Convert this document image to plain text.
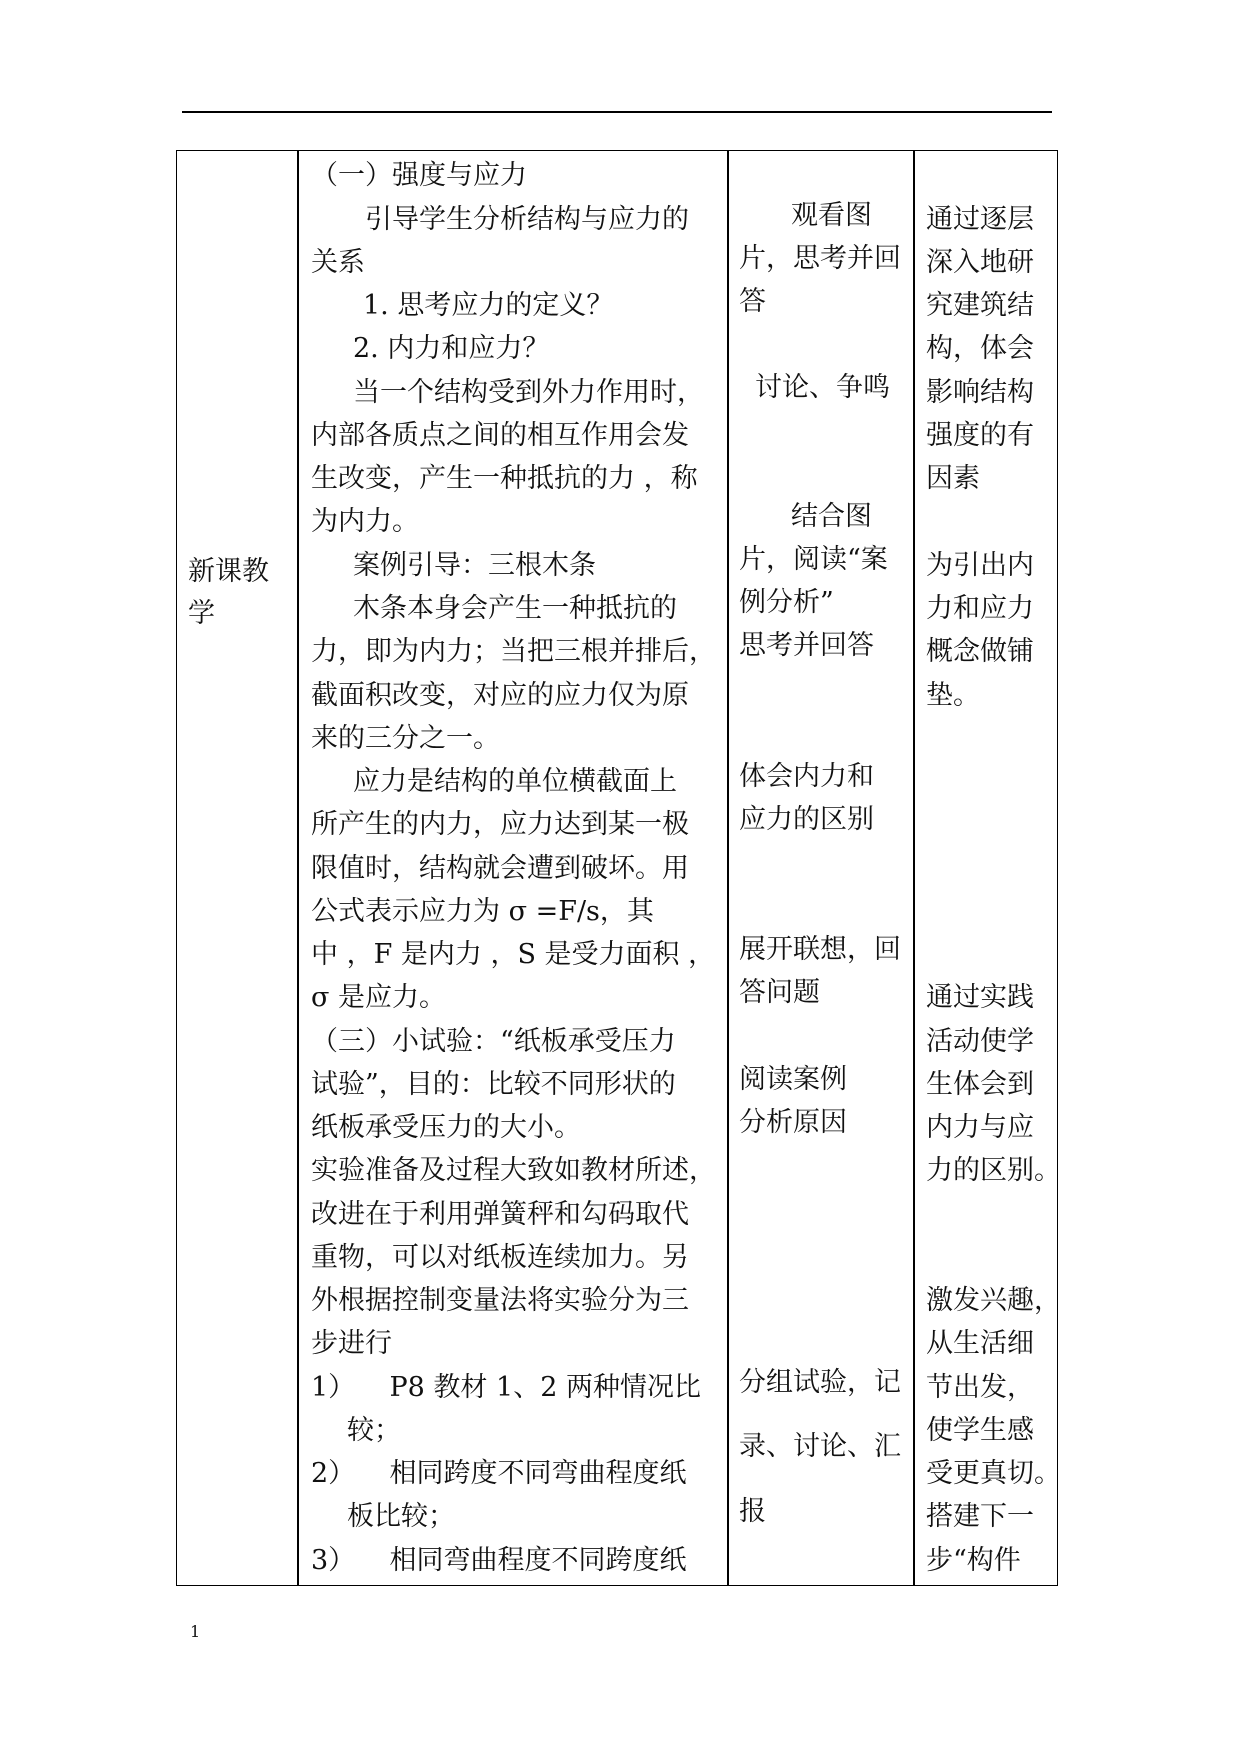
新课教
学
（一）强度与应力
引导学生分析结构与应力的
关系
1. 思考应力的定义？
2. 内力和应力？
当一个结构受到外力作用时，
内部各质点之间的相互作用会发
生改变，产生一种抵抗的力 ，称
为内力。
案例引导：三根木条
木条本身会产生一种抵抗的
力，即为内力；当把三根并排后，
截面积改变，对应的应力仅为原
来的三分之一。
应力是结构的单位横截面上
所产生的内力，应力达到某一极
限值时，结构就会遭到破坏。用
公式表示应力为 σ =F/s，其
中 ，F 是内力 ，S 是受力面积 ，
σ 是应力。
（三）小试验：“纸板承受压力
试验”，目的：比较不同形状的
纸板承受压力的大小。
实验准备及过程大致如教材所述，
改进在于利用弹簧秤和勾码取代
重物，可以对纸板连续加力。另
外根据控制变量法将实验分为三
步进行
1）    P8 教材 1、2 两种情况比
较；
2）    相同跨度不同弯曲程度纸
板比较；
3）    相同弯曲程度不同跨度纸
观看图
片，思考并回
答
讨论、争鸣
结合图
片，阅读“案
例分析”
思考并回答
体会内力和
应力的区别
展开联想，回
答问题
阅读案例
分析原因
分组试验，记
录、讨论、汇
报
通过逐层
深入地研
究建筑结
构，体会
影响结构
强度的有
因素
为引出内
力和应力
概念做铺
垫。
通过实践
活动使学
生体会到
内力与应
力的区别。
激发兴趣，
从生活细
节出发，
使学生感
受更真切。
搭建下一
步“构件
1
